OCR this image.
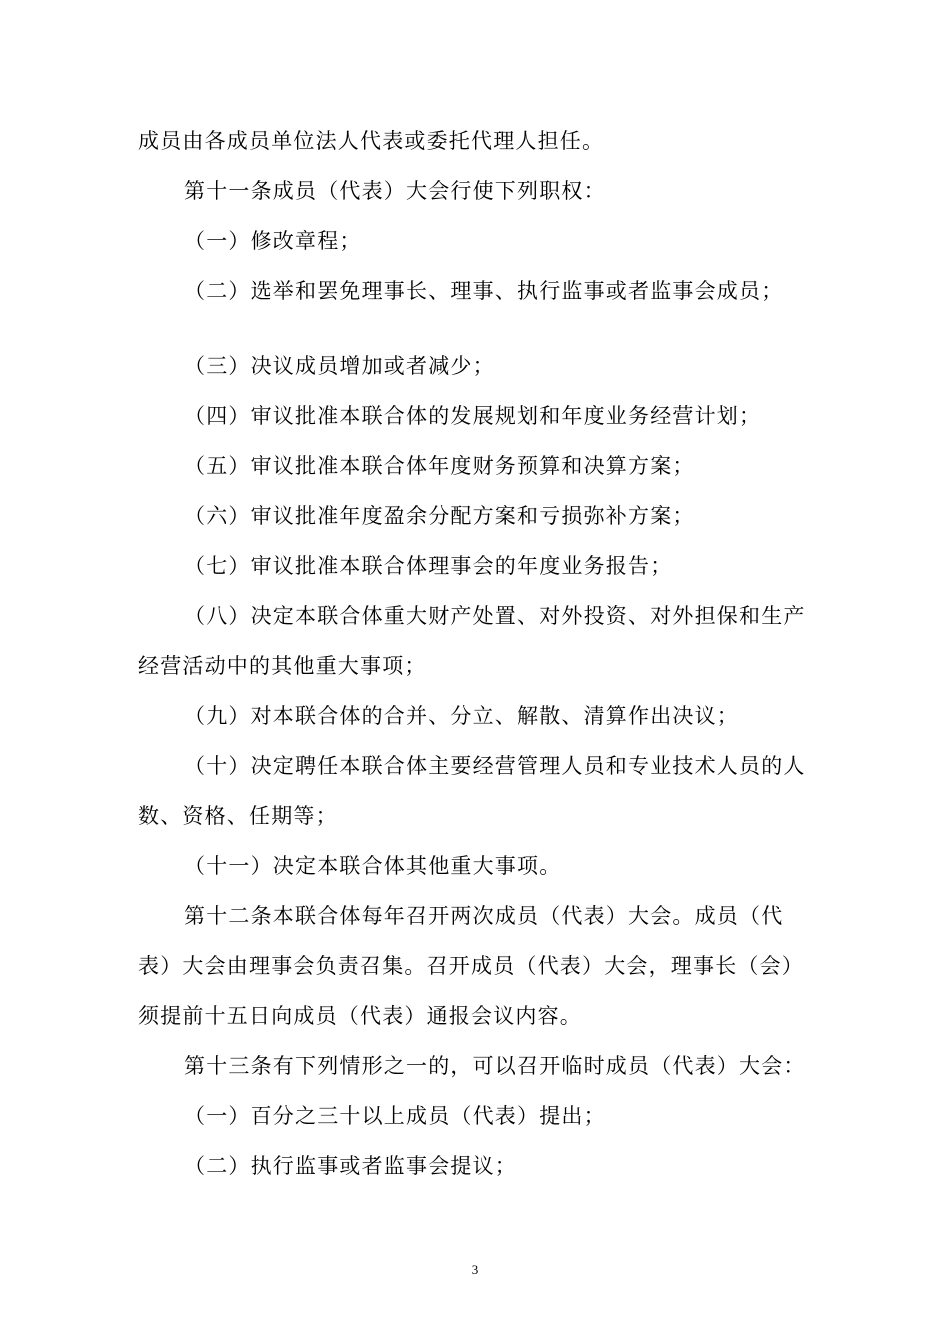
成员由各成员单位法人代表或委托代理人担任。
第十一条成员（代表）大会行使下列职权：
（一）修改章程；
（二）选举和罢免理事长、理事、执行监事或者监事会成员；
（三）决议成员增加或者减少；
（四）审议批准本联合体的发展规划和年度业务经营计划；
（五）审议批准本联合体年度财务预算和决算方案；
（六）审议批准年度盈余分配方案和亏损弥补方案；
（七）审议批准本联合体理事会的年度业务报告；
（八）决定本联合体重大财产处置、对外投资、对外担保和生产
经营活动中的其他重大事项；
（九）对本联合体的合并、分立、解散、清算作出决议；
（十）决定聘任本联合体主要经营管理人员和专业技术人员的人
数、资格、任期等；
（十一）决定本联合体其他重大事项。
第十二条本联合体每年召开两次成员（代表）大会。成员（代
表）大会由理事会负责召集。召开成员（代表）大会，理事长（会）
须提前十五日向成员（代表）通报会议内容。
第十三条有下列情形之一的，可以召开临时成员（代表）大会：
（一）百分之三十以上成员（代表）提出；
（二）执行监事或者监事会提议；
3
